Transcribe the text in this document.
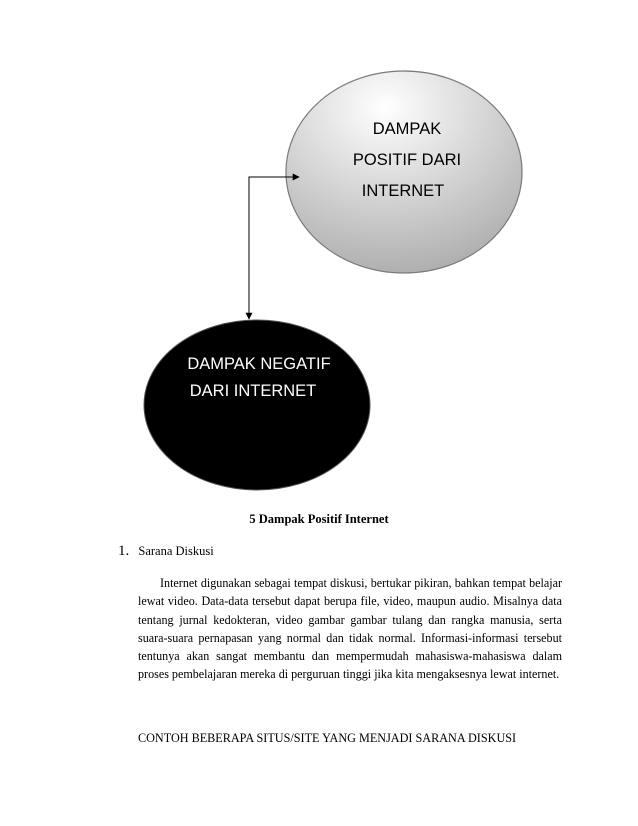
DAMPAK
POSITIF DARI
INTERNET
DAMPAK NEGATIF
DARI INTERNET
5 Dampak Positif Internet
1. Sarana Diskusi

Internet digunakan sebagai tempat diskusi, bertukar pikiran, bahkan tempat belajar lewat video. Data-data tersebut dapat berupa file, video, maupun audio. Misalnya data tentang jurnal kedokteran, video gambar gambar tulang dan rangka manusia, serta suara-suara pernapasan yang normal dan tidak normal. Informasi-informasi tersebut tentunya akan sangat membantu dan mempermudah mahasiswa-mahasiswa dalam proses pembelajaran mereka di perguruan tinggi jika kita mengaksesnya lewat internet.

CONTOH BEBERAPA SITUS/SITE YANG MENJADI SARANA DISKUSI
